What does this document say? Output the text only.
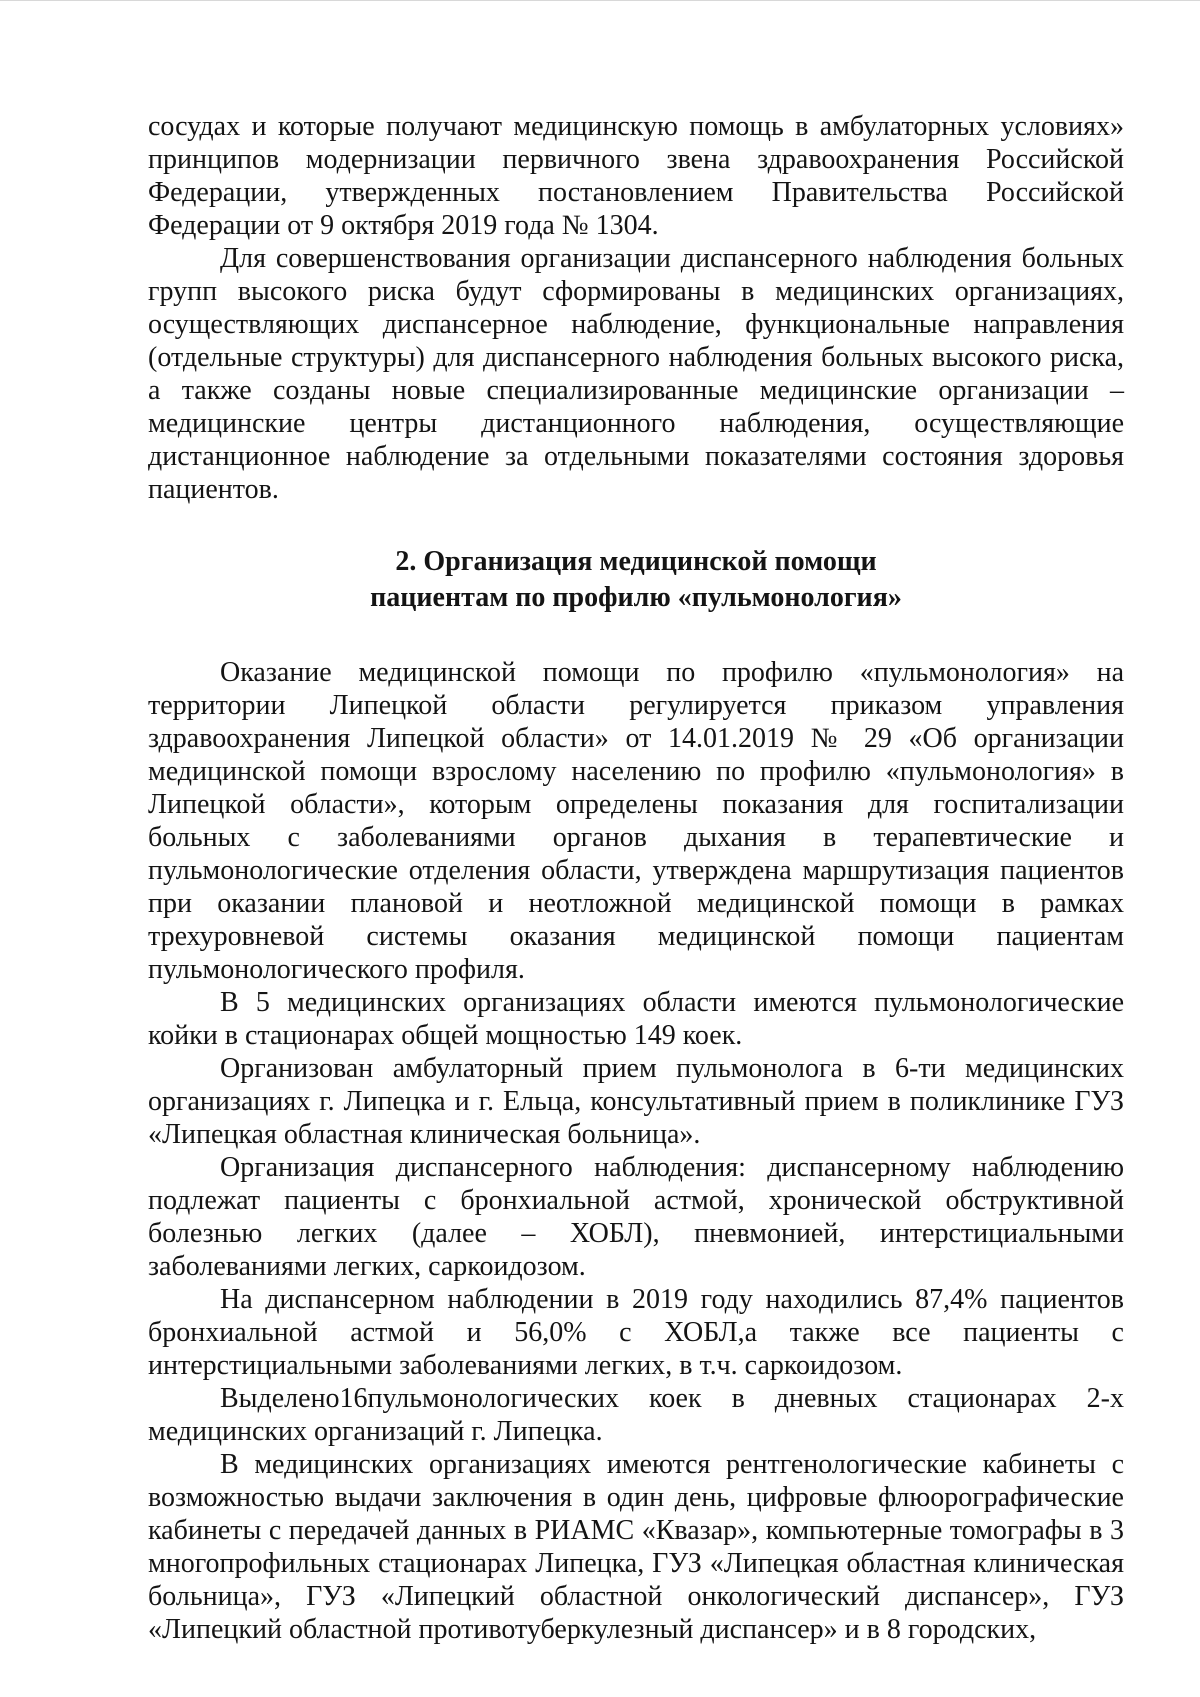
сосудах и которые получают медицинскую помощь в амбулаторных условиях» принципов модернизации первичного звена здравоохранения Российской Федерации, утвержденных постановлением Правительства Российской Федерации от 9 октября 2019 года № 1304.

Для совершенствования организации диспансерного наблюдения больных групп высокого риска будут сформированы в медицинских организациях, осуществляющих диспансерное наблюдение, функциональные направления (отдельные структуры) для диспансерного наблюдения больных высокого риска, а также созданы новые специализированные медицинские организации – медицинские центры дистанционного наблюдения, осуществляющие дистанционное наблюдение за отдельными показателями состояния здоровья пациентов.

2. Организация медицинской помощи
пациентам по профилю «пульмонология»

Оказание медицинской помощи по профилю «пульмонология» на территории Липецкой области регулируется приказом управления здравоохранения Липецкой области» от 14.01.2019 № 29 «Об организации медицинской помощи взрослому населению по профилю «пульмонология» в Липецкой области», которым определены показания для госпитализации больных с заболеваниями органов дыхания в терапевтические и пульмонологические отделения области, утверждена маршрутизация пациентов при оказании плановой и неотложной медицинской помощи в рамках трехуровневой системы оказания медицинской помощи пациентам пульмонологического профиля.

В 5 медицинских организациях области имеются пульмонологические койки в стационарах общей мощностью 149 коек.

Организован амбулаторный прием пульмонолога в 6-ти медицинских организациях г. Липецка и г. Ельца, консультативный прием в поликлинике ГУЗ «Липецкая областная клиническая больница».

Организация диспансерного наблюдения: диспансерному наблюдению подлежат пациенты с бронхиальной астмой, хронической обструктивной болезнью легких (далее – ХОБЛ), пневмонией, интерстициальными заболеваниями легких, саркоидозом.

На диспансерном наблюдении в 2019 году находились 87,4% пациентов бронхиальной астмой и 56,0% с ХОБЛ,а также все пациенты с интерстициальными заболеваниями легких, в т.ч. саркоидозом.

Выделено16пульмонологических коек в дневных стационарах 2-х медицинских организаций г. Липецка.

В медицинских организациях имеются рентгенологические кабинеты с возможностью выдачи заключения в один день, цифровые флюорографические кабинеты с передачей данных в РИАМС «Квазар», компьютерные томографы в 3 многопрофильных стационарах Липецка, ГУЗ «Липецкая областная клиническая больница», ГУЗ «Липецкий областной онкологический диспансер», ГУЗ «Липецкий областной противотуберкулезный диспансер» и в 8 городских,
